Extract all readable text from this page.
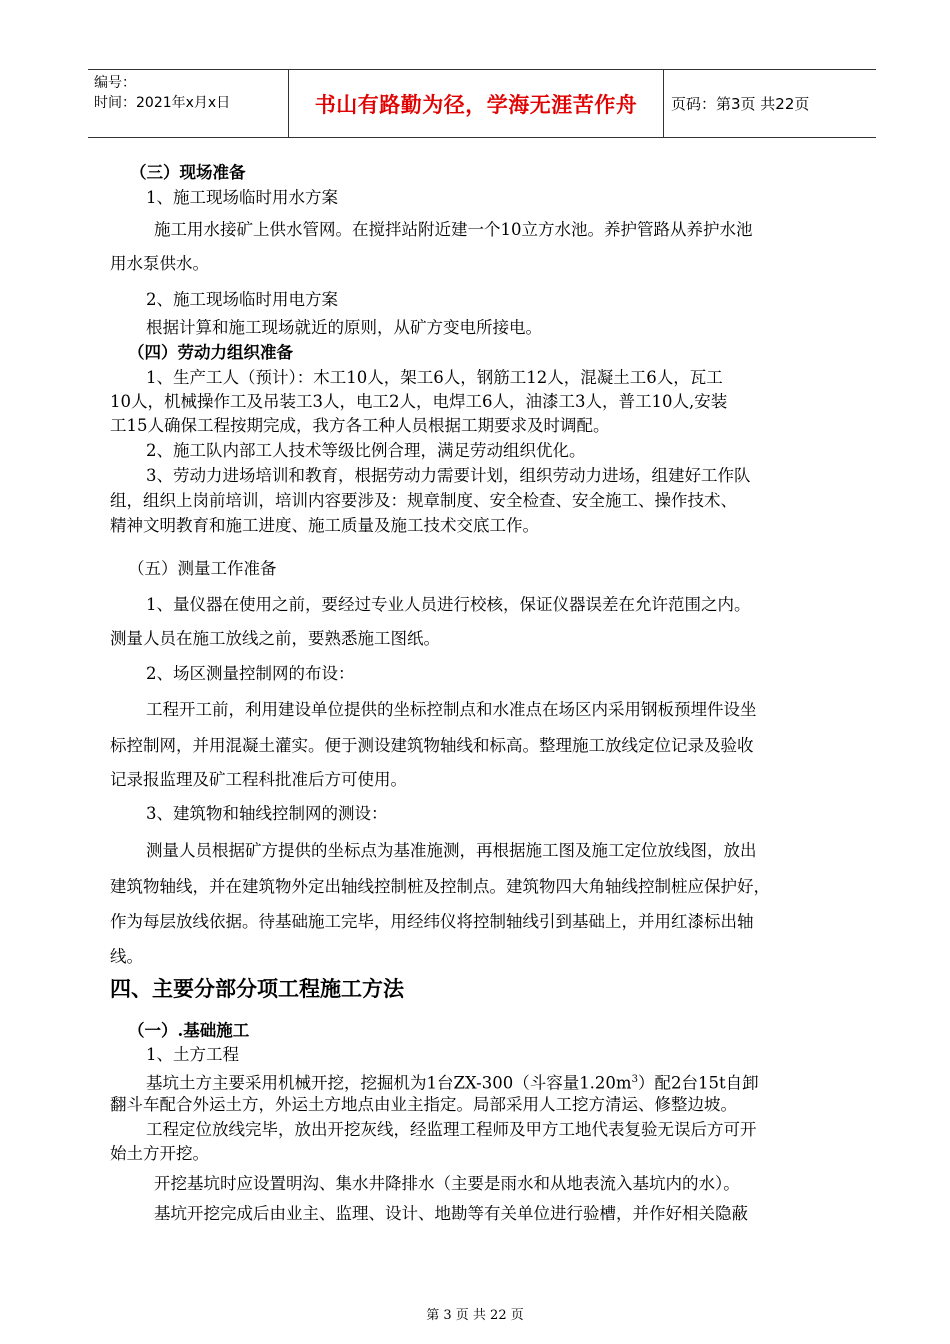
编号：
时间：2021年x月x日	书山有路勤为径，学海无涯苦作舟	页码：第3页 共22页
（三）现场准备
1、施工现场临时用水方案
施工用水接矿上供水管网。在搅拌站附近建一个10立方水池。养护管路从养护水池
用水泵供水。
2、施工现场临时用电方案
根据计算和施工现场就近的原则，从矿方变电所接电。
（四）劳动力组织准备
1、生产工人（预计）：木工10人，架工6人，钢筋工12人，混凝土工6人，瓦工
10人，机械操作工及吊装工3人，电工2人，电焊工6人，油漆工3人，普工10人,安装
工15人确保工程按期完成，我方各工种人员根据工期要求及时调配。
2、施工队内部工人技术等级比例合理，满足劳动组织优化。
3、劳动力进场培训和教育，根据劳动力需要计划，组织劳动力进场，组建好工作队
组，组织上岗前培训，培训内容要涉及：规章制度、安全检查、安全施工、操作技术、
精神文明教育和施工进度、施工质量及施工技术交底工作。
（五）测量工作准备
1、量仪器在使用之前，要经过专业人员进行校核，保证仪器误差在允许范围之内。
测量人员在施工放线之前，要熟悉施工图纸。
2、场区测量控制网的布设：
工程开工前，利用建设单位提供的坐标控制点和水准点在场区内采用钢板预埋件设坐
标控制网，并用混凝土灌实。便于测设建筑物轴线和标高。整理施工放线定位记录及验收
记录报监理及矿工程科批准后方可使用。
3、建筑物和轴线控制网的测设：
测量人员根据矿方提供的坐标点为基准施测，再根据施工图及施工定位放线图，放出
建筑物轴线，并在建筑物外定出轴线控制桩及控制点。建筑物四大角轴线控制桩应保护好，
作为每层放线依据。待基础施工完毕，用经纬仪将控制轴线引到基础上，并用红漆标出轴
线。
四、主要分部分项工程施工方法
（一）.基础施工
1、土方工程
基坑土方主要采用机械开挖，挖掘机为1台ZX-300（斗容量$1.20m^3$）配2台15t自卸
翻斗车配合外运土方，外运土方地点由业主指定。局部采用人工挖方清运、修整边坡。
工程定位放线完毕，放出开挖灰线，经监理工程师及甲方工地代表复验无误后方可开
始土方开挖。
开挖基坑时应设置明沟、集水井降排水（主要是雨水和从地表流入基坑内的水）。
基坑开挖完成后由业主、监理、设计、地勘等有关单位进行验槽，并作好相关隐蔽
第 3 页 共 22 页
